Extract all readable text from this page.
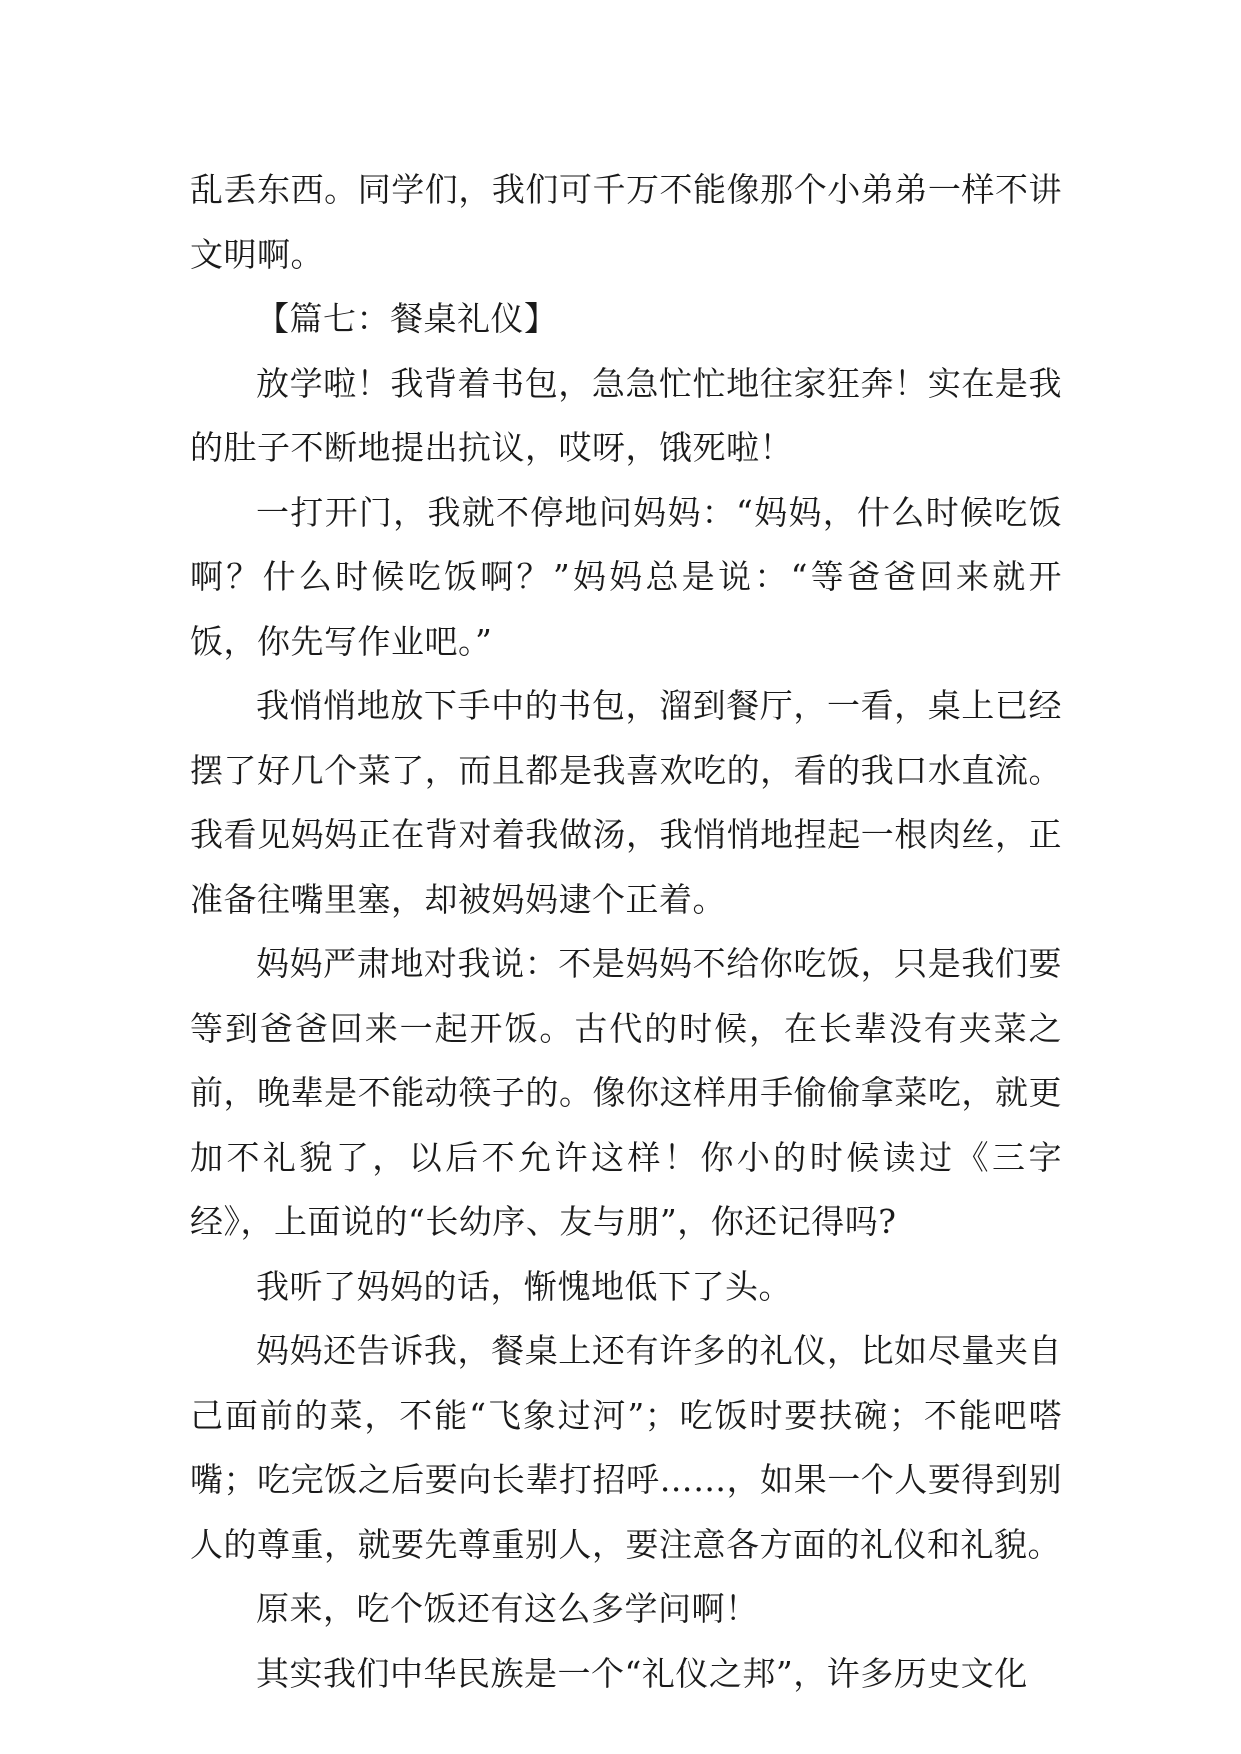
乱丢东西。同学们，我们可千万不能像那个小弟弟一样不讲文明啊。

【篇七：餐桌礼仪】

放学啦！我背着书包，急急忙忙地往家狂奔！实在是我的肚子不断地提出抗议，哎呀，饿死啦！

一打开门，我就不停地问妈妈：“妈妈，什么时候吃饭啊？什么时候吃饭啊？”妈妈总是说：“等爸爸回来就开饭，你先写作业吧。”

我悄悄地放下手中的书包，溜到餐厅，一看，桌上已经摆了好几个菜了，而且都是我喜欢吃的，看的我口水直流。我看见妈妈正在背对着我做汤，我悄悄地捏起一根肉丝，正准备往嘴里塞，却被妈妈逮个正着。

妈妈严肃地对我说：不是妈妈不给你吃饭，只是我们要等到爸爸回来一起开饭。古代的时候，在长辈没有夹菜之前，晚辈是不能动筷子的。像你这样用手偷偷拿菜吃，就更加不礼貌了，以后不允许这样！你小的时候读过《三字经》，上面说的“长幼序、友与朋”，你还记得吗?

我听了妈妈的话，惭愧地低下了头。

妈妈还告诉我，餐桌上还有许多的礼仪，比如尽量夹自己面前的菜，不能“飞象过河”；吃饭时要扶碗；不能吧嗒嘴；吃完饭之后要向长辈打招呼……，如果一个人要得到别人的尊重，就要先尊重别人，要注意各方面的礼仪和礼貌。

原来，吃个饭还有这么多学问啊！

其实我们中华民族是一个“礼仪之邦”，许多历史文化
